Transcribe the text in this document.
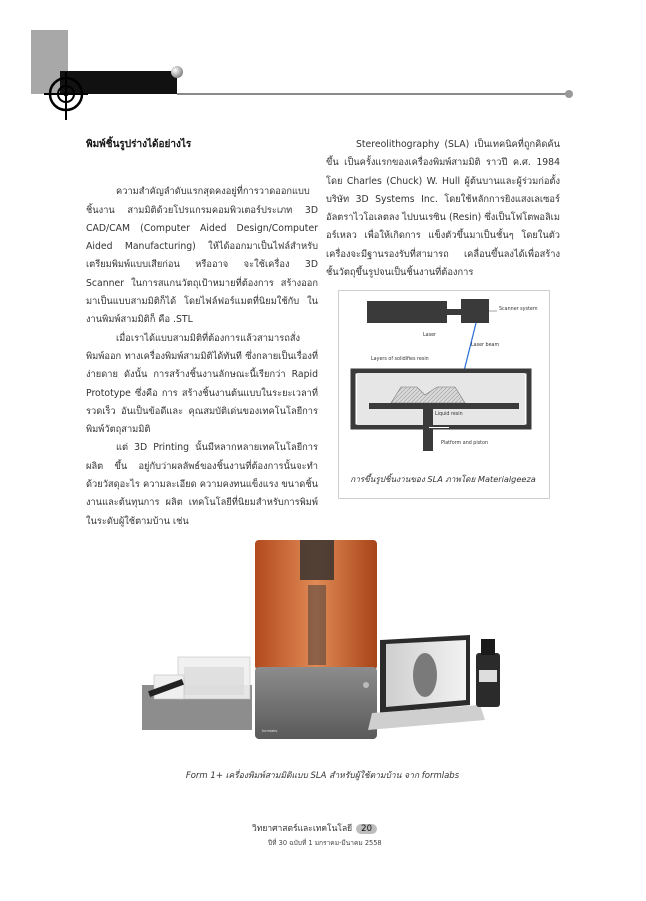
พิมพ์ชิ้นรูปร่างได้อย่างไร

ความสำคัญลำดับแรกสุดคงอยู่ที่การวาดออกแบบชิ้นงาน สามมิติด้วยโปรแกรมคอมพิวเตอร์ประเภท 3D CAD/CAM (Computer Aided Design/Computer Aided Manufacturing) ให้ได้ออกมาเป็นไฟล์สำหรับเตรียมพิมพ์แบบเสียก่อน หรืออาจ จะใช้เครื่อง 3D Scanner ในการสแกนวัตถุเป้าหมายที่ต้องการ สร้างออกมาเป็นแบบสามมิติก็ได้ โดยไฟล์ฟอร์แมตที่นิยมใช้กับ ในงานพิมพ์สามมิติก็ คือ .STL

เมื่อเราได้แบบสามมิติที่ต้องการแล้วสามารถสั่งพิมพ์ออก ทางเครื่องพิมพ์สามมิติได้ทันที ซึ่งกลายเป็นเรื่องที่ง่ายดาย ดังนั้น การสร้างชิ้นงานลักษณะนี้เรียกว่า Rapid Prototype ซึ่งคือ การ สร้างชิ้นงานต้นแบบในระยะเวลาที่รวดเร็ว อันเป็นข้อดีและ คุณสมบัติเด่นของเทคโนโลยีการพิมพ์วัตถุสามมิติ

แต่ 3D Printing นั้นมีหลากหลายเทคโนโลยีการผลิต ขึ้น อยู่กับว่าผลลัพธ์ของชิ้นงานที่ต้องการนั้นจะทำด้วยวัสดุอะไร ความละเอียด ความคงทนแข็งแรง ขนาดชิ้นงานและต้นทุนการ ผลิต เทคโนโลยีที่นิยมสำหรับการพิมพ์ในระดับผู้ใช้ตามบ้าน เช่น

Stereolithography (SLA) เป็นเทคนิคที่ถูกคิดค้นขึ้น เป็นครั้งแรกของเครื่องพิมพ์สามมิติ ราวปี ค.ศ. 1984 โดย Charles (Chuck) W. Hull ผู้ต้นบานและผู้ร่วมก่อตั้งบริษัท 3D Systems Inc. โดยใช้หลักการยิงแสงเลเซอร์อัลตราไวโอเลตลง ไปบนเรซิน (Resin) ซึ่งเป็นโฟโตพอลิเมอร์เหลว เพื่อให้เกิดการ แข็งตัวขึ้นมาเป็นชั้นๆ โดยในตัวเครื่องจะมีฐานรองรับที่สามารถ เคลื่อนขึ้นลงได้เพื่อสร้างชั้นวัตถุขึ้นรูปจนเป็นชิ้นงานที่ต้องการ

Scanner system
Laser
Laser beam
Layers of solidifies resin
Liquid resin
Platform and piston
การขึ้นรูปชิ้นงานของ SLA ภาพโดย Materialgeeza
formlabs
Form 1+ เครื่องพิมพ์สามมิติแบบ SLA สำหรับผู้ใช้ตามบ้าน จาก formlabs
วิทยาศาสตร์และเทคโนโลยี 20
ปีที่ 30 ฉบับที่ 1 มกราคม-มีนาคม 2558
